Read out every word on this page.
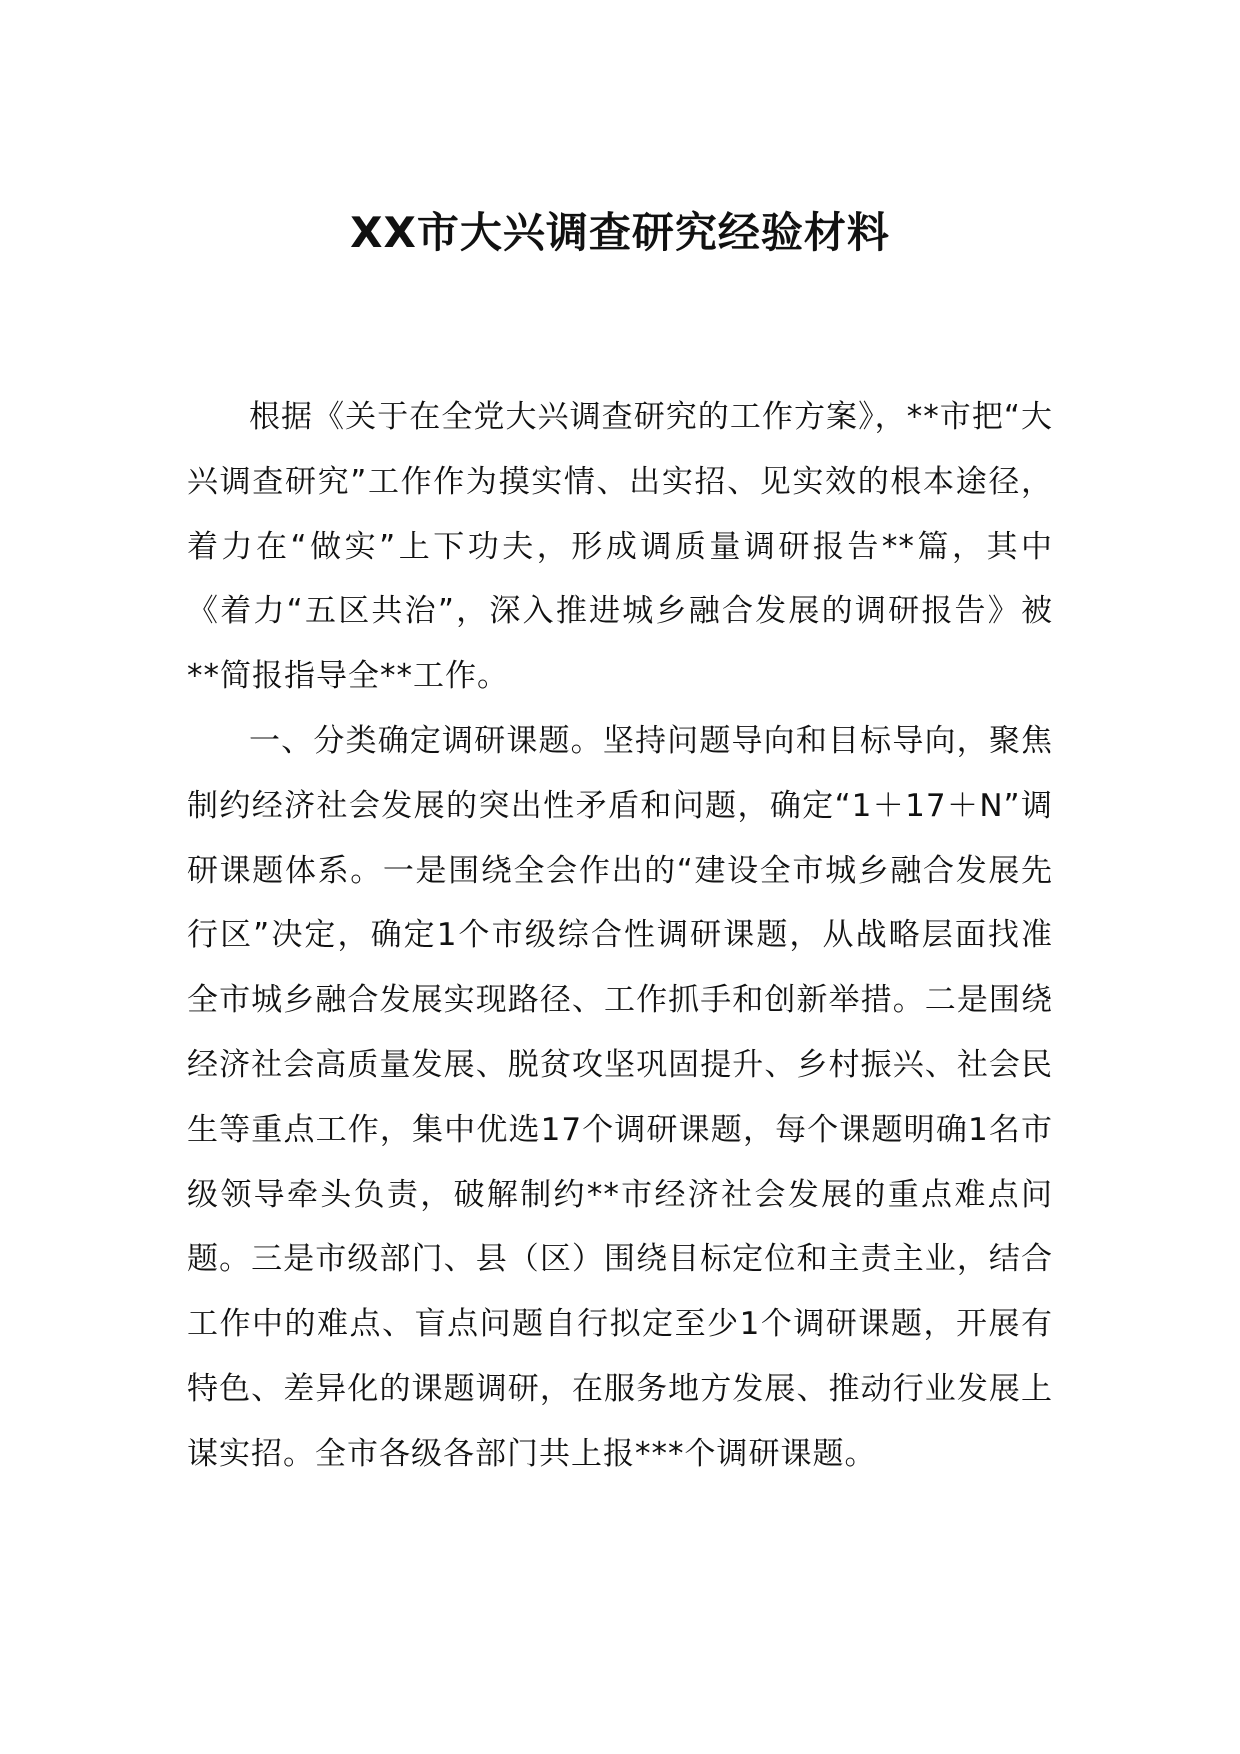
XX市大兴调查研究经验材料

根据《关于在全党大兴调查研究的工作方案》，**市把“大兴调查研究”工作作为摸实情、出实招、见实效的根本途径，着力在“做实”上下功夫，形成调质量调研报告**篇，其中《着力“五区共治”，深入推进城乡融合发展的调研报告》被**简报指导全**工作。

一、分类确定调研课题。坚持问题导向和目标导向，聚焦制约经济社会发展的突出性矛盾和问题，确定“1＋17＋N”调研课题体系。一是围绕全会作出的“建设全市城乡融合发展先行区”决定，确定1个市级综合性调研课题，从战略层面找准全市城乡融合发展实现路径、工作抓手和创新举措。二是围绕经济社会高质量发展、脱贫攻坚巩固提升、乡村振兴、社会民生等重点工作，集中优选17个调研课题，每个课题明确1名市级领导牵头负责，破解制约**市经济社会发展的重点难点问题。三是市级部门、县（区）围绕目标定位和主责主业，结合工作中的难点、盲点问题自行拟定至少1个调研课题，开展有特色、差异化的课题调研，在服务地方发展、推动行业发展上谋实招。全市各级各部门共上报***个调研课题。
